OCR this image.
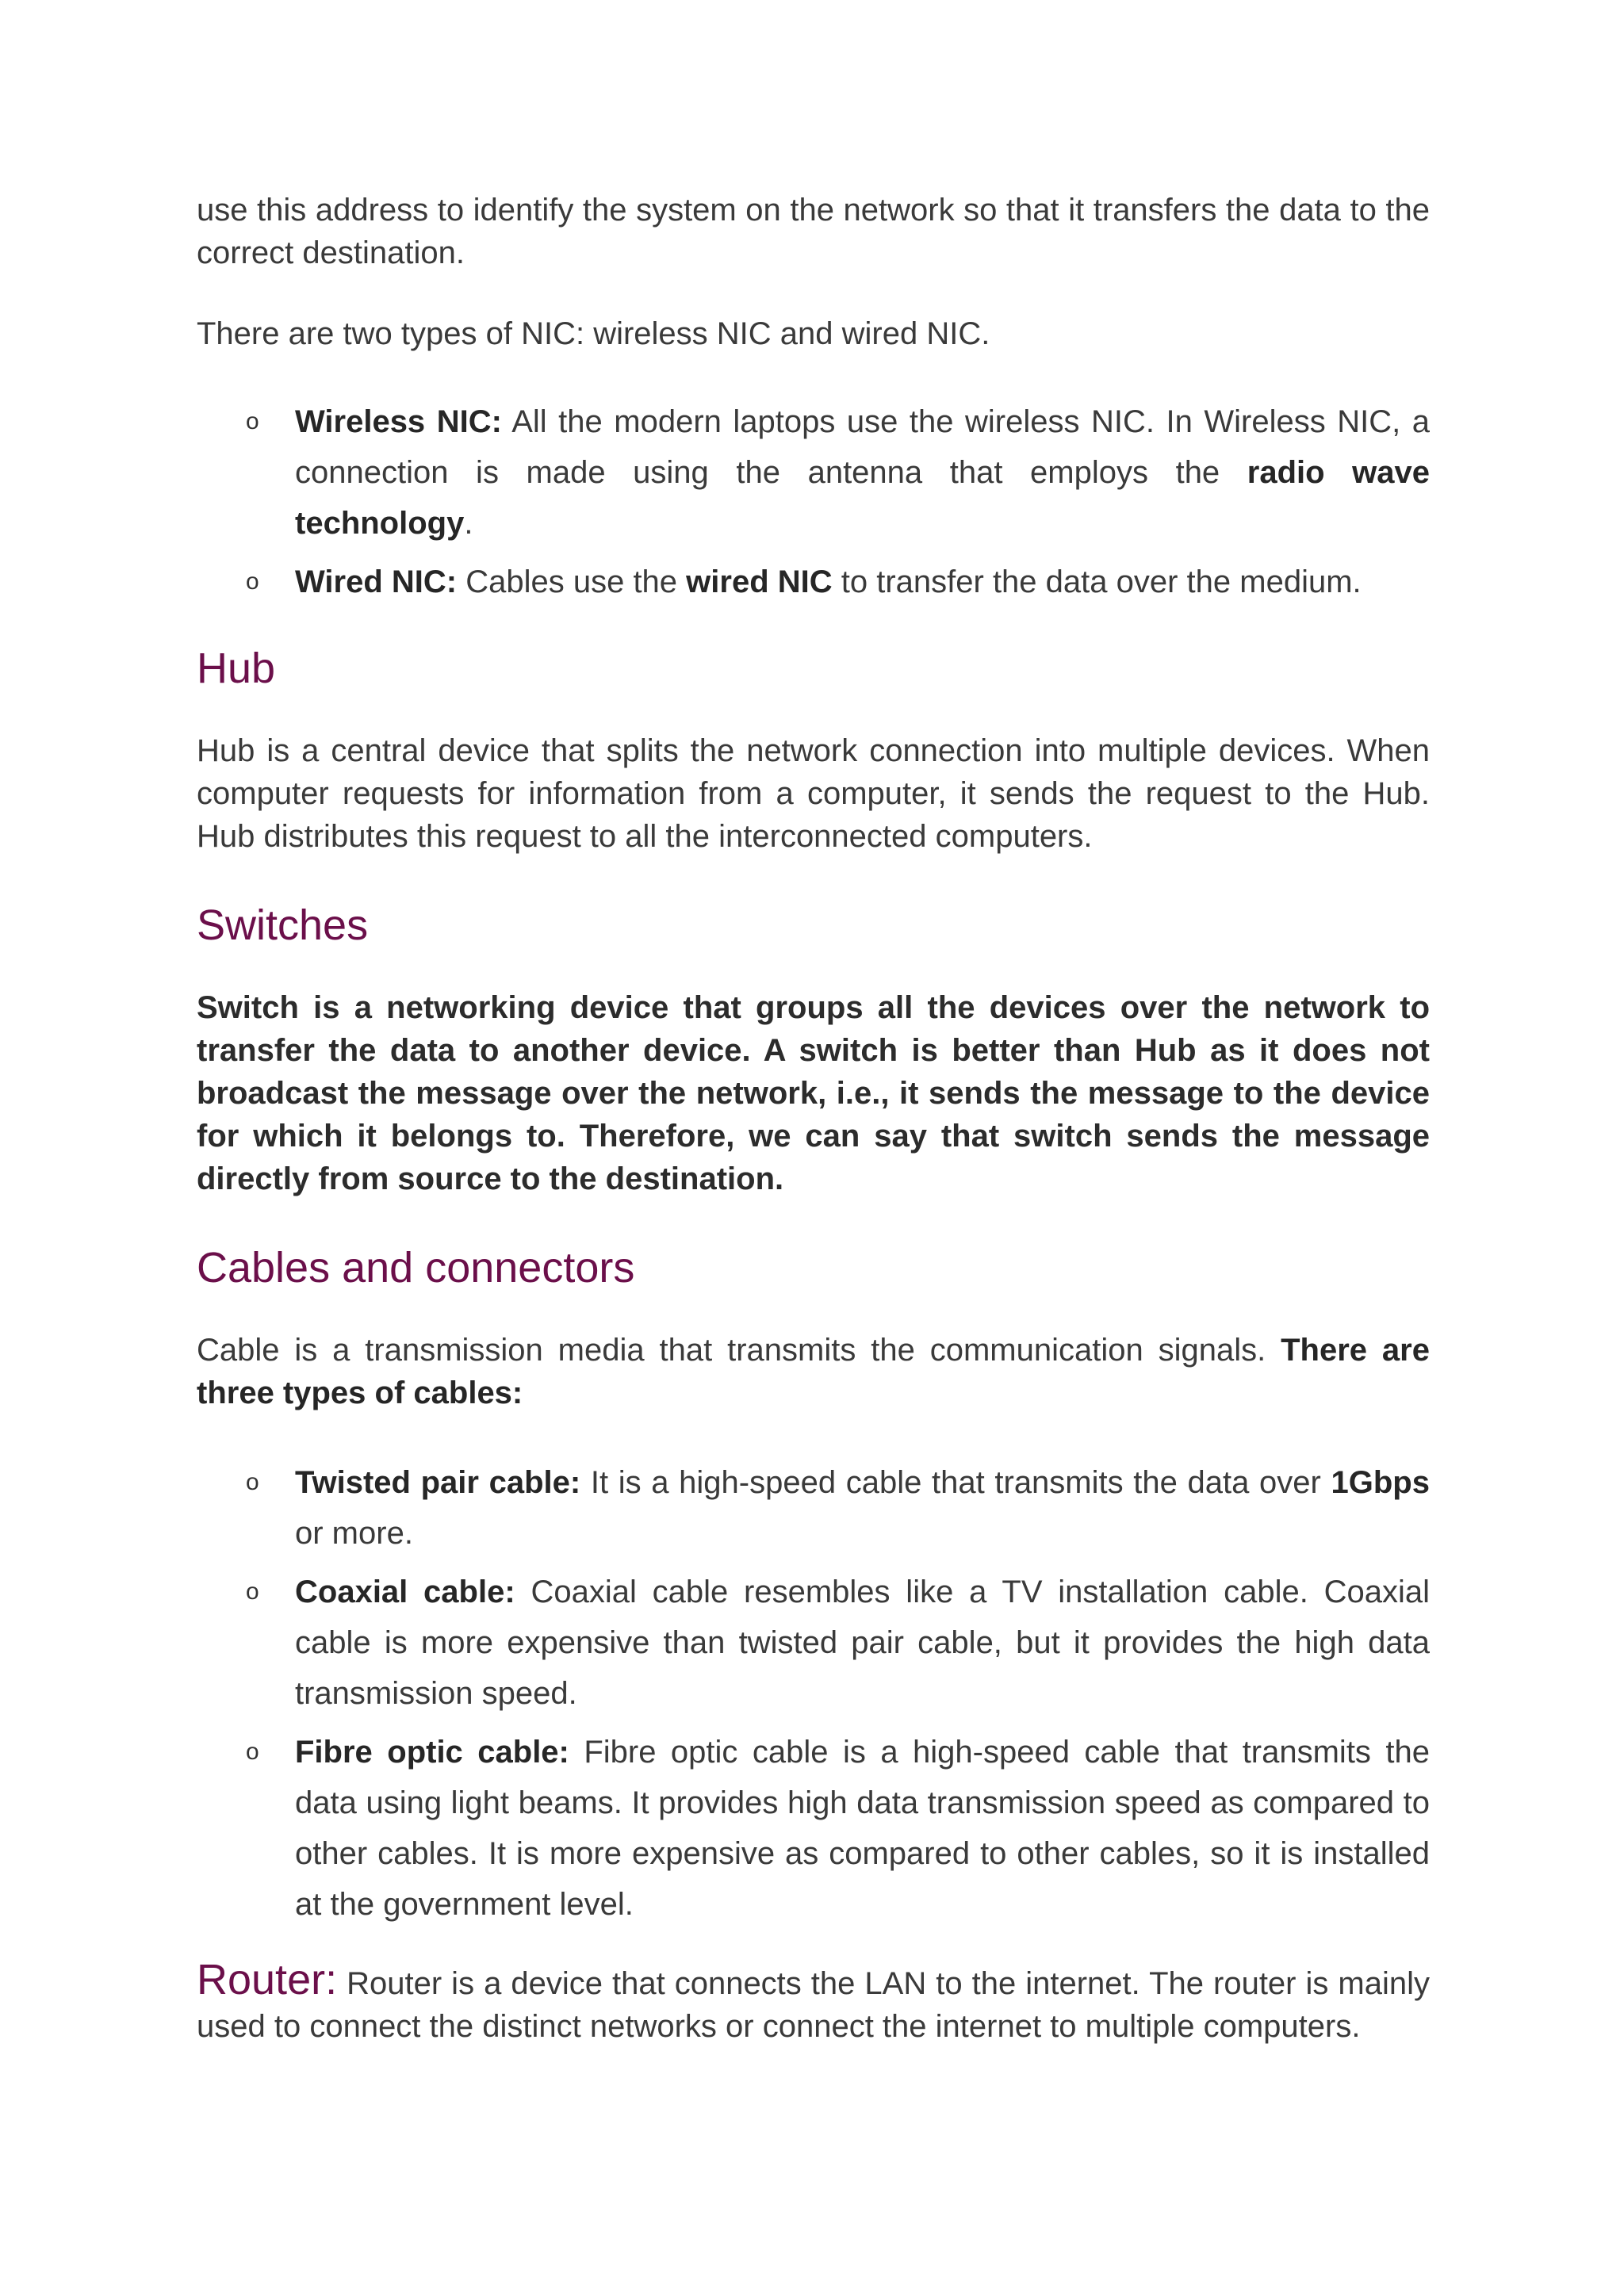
use this address to identify the system on the network so that it transfers the data to the correct destination.

There are two types of NIC: wireless NIC and wired NIC.

o Wireless NIC: All the modern laptops use the wireless NIC. In Wireless NIC, a connection is made using the antenna that employs the radio wave technology.
o Wired NIC: Cables use the wired NIC to transfer the data over the medium.
Hub

Hub is a central device that splits the network connection into multiple devices. When computer requests for information from a computer, it sends the request to the Hub. Hub distributes this request to all the interconnected computers.

Switches

Switch is a networking device that groups all the devices over the network to transfer the data to another device. A switch is better than Hub as it does not broadcast the message over the network, i.e., it sends the message to the device for which it belongs to. Therefore, we can say that switch sends the message directly from source to the destination.

Cables and connectors

Cable is a transmission media that transmits the communication signals. There are three types of cables:

o Twisted pair cable: It is a high-speed cable that transmits the data over 1Gbps or more.
o Coaxial cable: Coaxial cable resembles like a TV installation cable. Coaxial cable is more expensive than twisted pair cable, but it provides the high data transmission speed.
o Fibre optic cable: Fibre optic cable is a high-speed cable that transmits the data using light beams. It provides high data transmission speed as compared to other cables. It is more expensive as compared to other cables, so it is installed at the government level.

Router: Router is a device that connects the LAN to the internet. The router is mainly used to connect the distinct networks or connect the internet to multiple computers.
